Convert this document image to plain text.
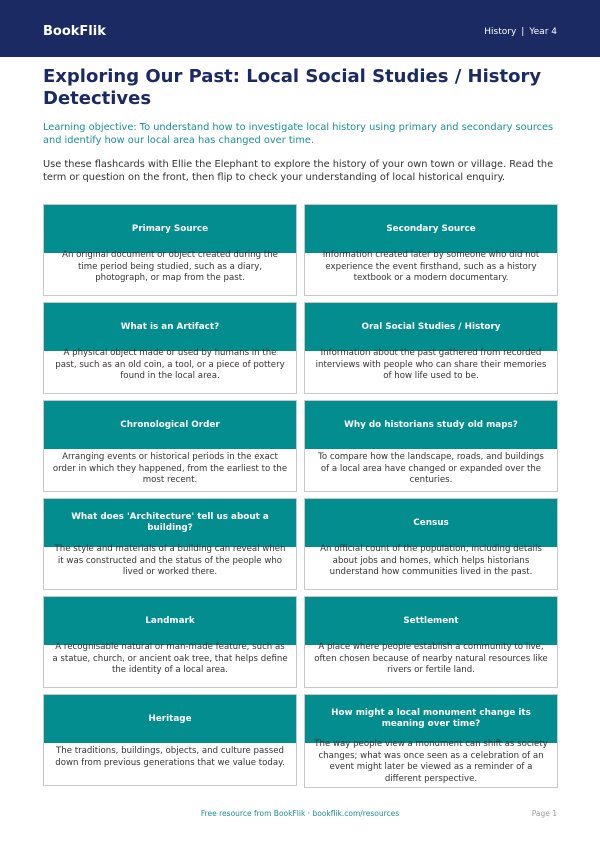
BookFlik	History | Year 4
Exploring Our Past: Local Social Studies / History Detectives

Learning objective: To understand how to investigate local history using primary and secondary sources and identify how our local area has changed over time.

Use these flashcards with Ellie the Elephant to explore the history of your own town or village. Read the term or question on the front, then flip to check your understanding of local historical enquiry.

Primary Source
An original document or object created during the time period being studied, such as a diary, photograph, or map from the past.
Secondary Source
Information created later by someone who did not experience the event firsthand, such as a history textbook or a modern documentary.
What is an Artifact?
A physical object made or used by humans in the past, such as an old coin, a tool, or a piece of pottery found in the local area.
Oral Social Studies / History
Information about the past gathered from recorded interviews with people who can share their memories of how life used to be.
Chronological Order
Arranging events or historical periods in the exact order in which they happened, from the earliest to the most recent.
Why do historians study old maps?
To compare how the landscape, roads, and buildings of a local area have changed or expanded over the centuries.
What does 'Architecture' tell us about a building?
The style and materials of a building can reveal when it was constructed and the status of the people who lived or worked there.
Census
An official count of the population, including details about jobs and homes, which helps historians understand how communities lived in the past.
Landmark
A recognisable natural or man-made feature, such as a statue, church, or ancient oak tree, that helps define the identity of a local area.
Settlement
A place where people establish a community to live, often chosen because of nearby natural resources like rivers or fertile land.
Heritage
The traditions, buildings, objects, and culture passed down from previous generations that we value today.
How might a local monument change its meaning over time?
The way people view a monument can shift as society changes; what was once seen as a celebration of an event might later be viewed as a reminder of a different perspective.
Free resource from BookFlik · bookflik.com/resources	Page 1
